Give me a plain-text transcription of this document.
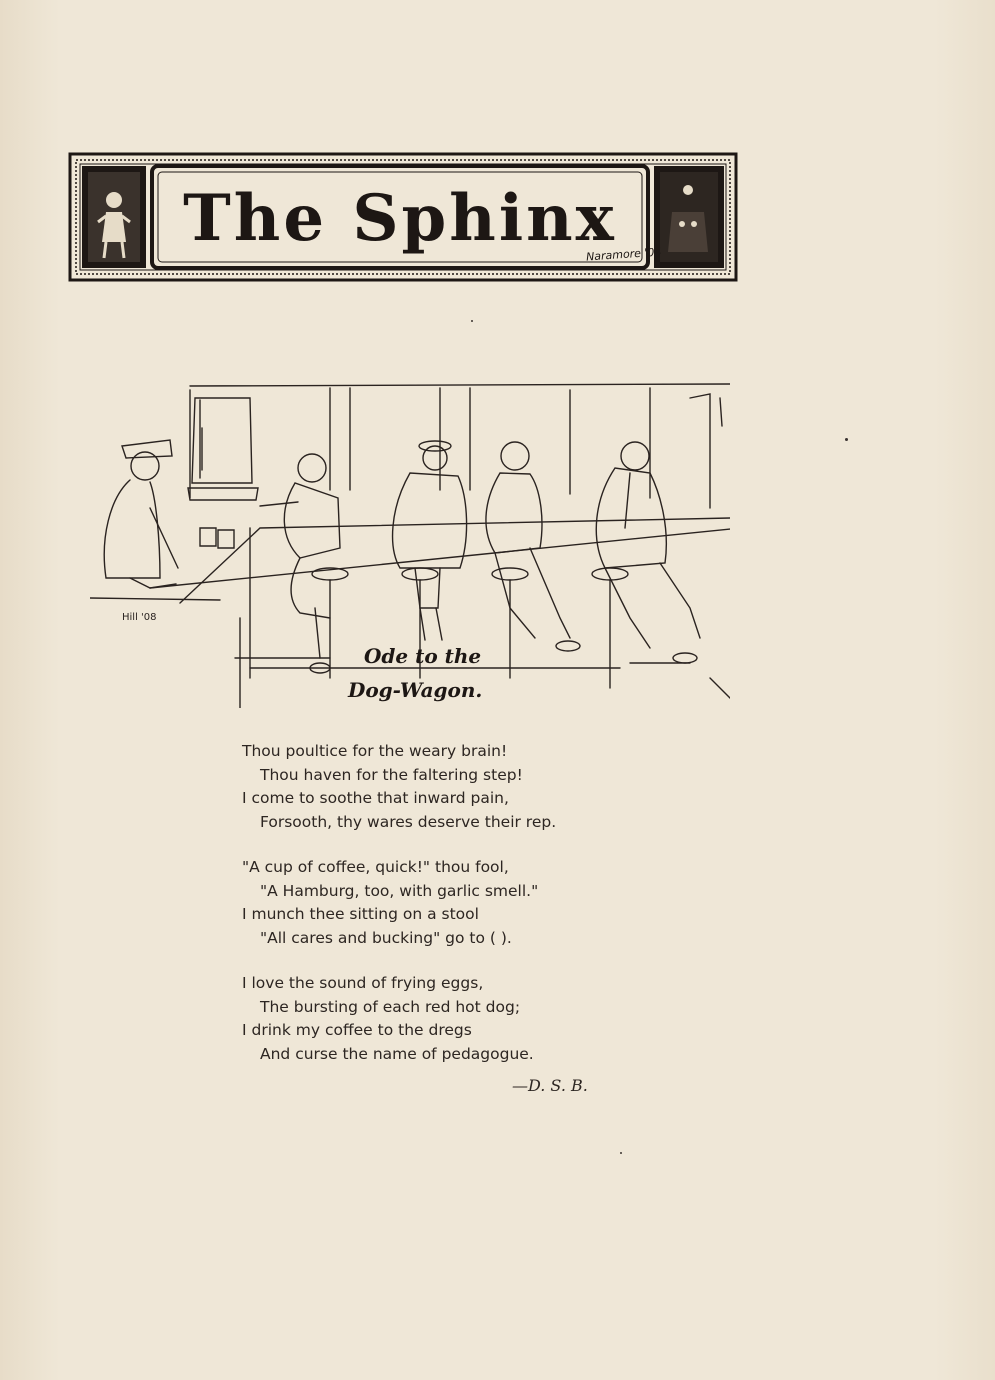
The Sphinx
Naramore '04
Hill '08
Ode to the
Dog-Wagon.
Thou poultice for the weary brain!
Thou haven for the faltering step!
I come to soothe that inward pain,
Forsooth, thy wares deserve their rep.
"A cup of coffee, quick!" thou fool,
"A Hamburg, too, with garlic smell."
I munch thee sitting on a stool
"All cares and bucking" go to ( ).
I love the sound of frying eggs,
The bursting of each red hot dog;
I drink my coffee to the dregs
And curse the name of pedagogue.
—D. S. B.
